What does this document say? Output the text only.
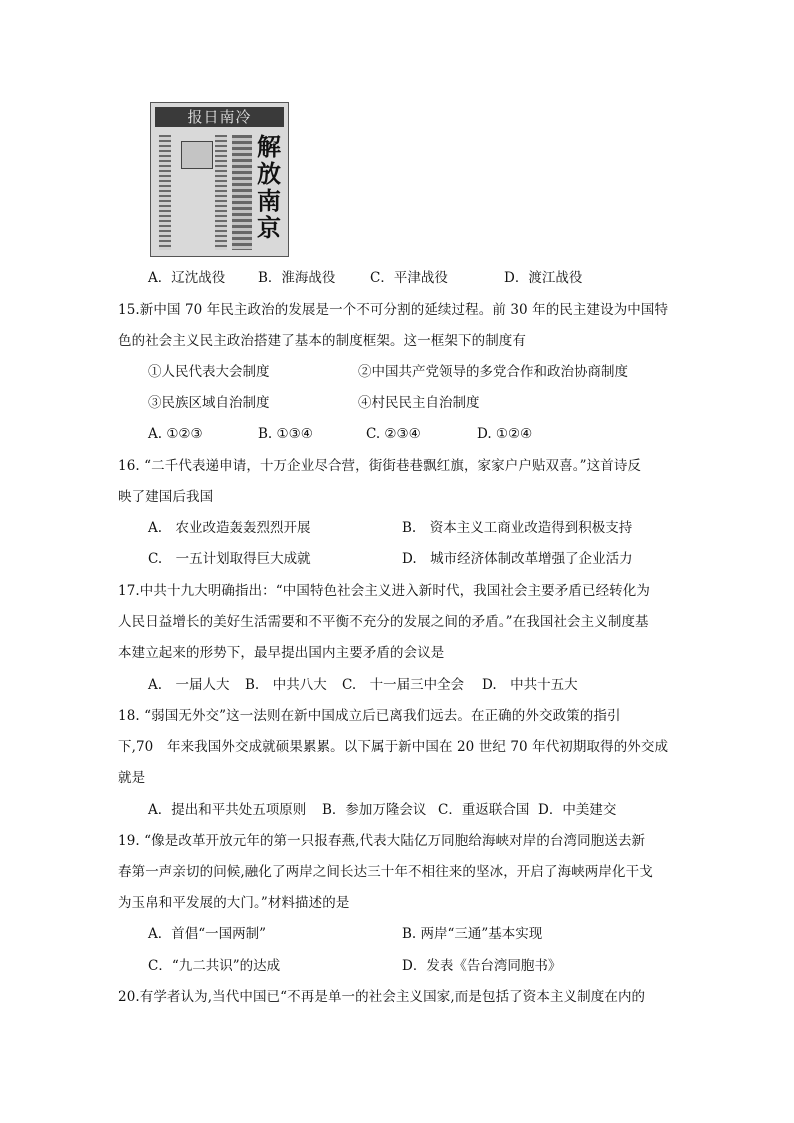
报日南冷
解放南京
A．辽沈战役 B．淮海战役	C．平津战役	D．渡江战役
15.新中国 70 年民主政治的发展是一个不可分割的延续过程。前 30 年的民主建设为中国特
色的社会主义民主政治搭建了基本的制度框架。这一框架下的制度有
①人民代表大会制度	②中国共产党领导的多党合作和政治协商制度
③民族区域自治制度	④村民民主自治制度
A. ①②③	B. ①③④	C. ②③④	D. ①②④
16. “二千代表递申请，十万企业尽合营，街街巷巷飘红旗，家家户户贴双喜。”这首诗反
映了建国后我国
A.　农业改造轰轰烈烈开展	B.　资本主义工商业改造得到积极支持
C.　一五计划取得巨大成就	D.　城市经济体制改革增强了企业活力
17.中共十九大明确指出：“中国特色社会主义进入新时代，我国社会主要矛盾已经转化为
人民日益增长的美好生活需要和不平衡不充分的发展之间的矛盾。”在我国社会主义制度基
本建立起来的形势下，最早提出国内主要矛盾的会议是
A.　一届人大 B.　中共八大 C.　十一届三中全会 D.　中共十五大
18. “弱国无外交”这一法则在新中国成立后已离我们远去。在正确的外交政策的指引
下,70　年来我国外交成就硕果累累。以下属于新中国在 20 世纪 70 年代初期取得的外交成
就是
A．提出和平共处五项原则 B．参加万隆会议 C．重返联合国 D．中美建交
19. “像是改革开放元年的第一只报春燕,代表大陆亿万同胞给海峡对岸的台湾同胞送去新
春第一声亲切的问候,融化了两岸之间长达三十年不相往来的坚冰，开启了海峡两岸化干戈
为玉帛和平发展的大门。”材料描述的是
A．首倡“一国两制”	B. 两岸“三通”基本实现
C．“九二共识”的达成	D．发表《告台湾同胞书》
20.有学者认为,当代中国已“不再是单一的社会主义国家,而是包括了资本主义制度在内的
